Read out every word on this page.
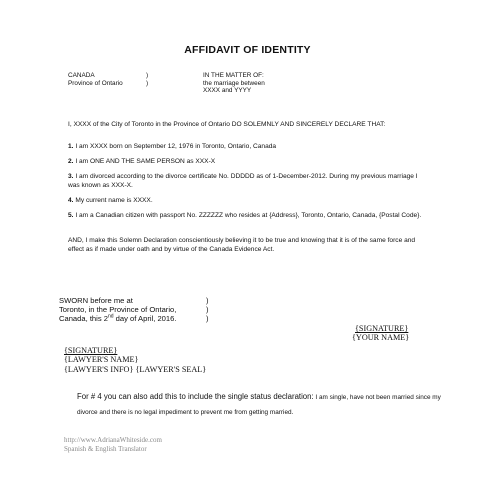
AFFIDAVIT OF IDENTITY
CANADA
Province of Ontario
)
)
IN THE MATTER OF:
the marriage between
XXXX and YYYY
I, XXXX of the City of Toronto in the Province of Ontario DO SOLEMNLY AND SINCERELY DECLARE THAT:
1. I am XXXX born on September 12, 1976 in Toronto, Ontario, Canada
2. I am ONE AND THE SAME PERSON as XXX-X
3. I am divorced according to the divorce certificate No. DDDDD as of 1-December-2012. During my previous marriage I was known as XXX-X.
4. My current name is XXXX.
5. I am a Canadian citizen with passport No. ZZZZZZ who resides at {Address}, Toronto, Ontario, Canada, {Postal Code}.
AND, I make this Solemn Declaration conscientiously believing it to be true and knowing that it is of the same force and effect as if made under oath and by virtue of the Canada Evidence Act.
SWORN before me at
Toronto, in the Province of Ontario,
Canada, this 2nd day of April, 2016.
)
)
)
{SIGNATURE}
{YOUR NAME}
{SIGNATURE}
{LAWYER'S NAME}
{LAWYER'S INFO} {LAWYER'S SEAL}
For # 4 you can also add this to include the single status declaration: I am single, have not been married since my divorce and there is no legal impediment to prevent me from getting married.
http://www.AdrianaWhiteside.com
Spanish & English Translator
